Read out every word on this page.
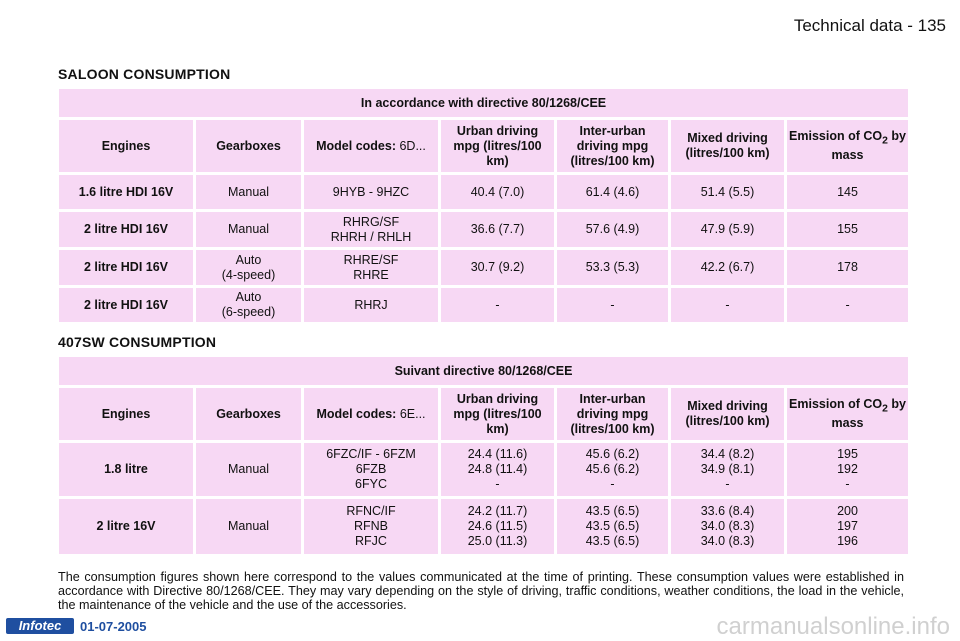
Technical data - 135
SALOON CONSUMPTION
In accordance with directive 80/1268/CEE						
Engines	Gearboxes	Model codes: 6D...	Urban driving mpg (litres/100 km)	Inter-urban driving mpg (litres/100 km)	Mixed driving (litres/100 km)	Emission of $CO_2$ by mass
1.6 litre HDI 16V	Manual	9HYB - 9HZC	40.4 (7.0)	61.4 (4.6)	51.4 (5.5)	145

2 litre HDI 16V	Manual	RHRG/SF
RHRH / RHLH	36.6 (7.7)	57.6 (4.9)	47.9 (5.9)	155

2 litre HDI 16V	Auto
(4-speed)	RHRE/SF
RHRE	30.7 (9.2)	53.3 (5.3)	42.2 (6.7)	178

2 litre HDI 16V	Auto
(6-speed)	RHRJ	-	-	-	-
407SW CONSUMPTION
Suivant directive 80/1268/CEE						
Engines	Gearboxes	Model codes: 6E...	Urban driving mpg (litres/100 km)	Inter-urban driving mpg (litres/100 km)	Mixed driving (litres/100 km)	Emission of $CO_2$ by mass
1.8 litre	Manual	6FZC/IF - 6FZM
6FZB
6FYC	24.4 (11.6)
24.8 (11.4)
-	45.6 (6.2)
45.6 (6.2)
-	34.4 (8.2)
34.9 (8.1)
-	195
192
-

2 litre 16V	Manual	RFNC/IF
RFNB
RFJC	24.2 (11.7)
24.6 (11.5)
25.0 (11.3)	43.5 (6.5)
43.5 (6.5)
43.5 (6.5)	33.6 (8.4)
34.0 (8.3)
34.0 (8.3)	200
197
196
The consumption figures shown here correspond to the values communicated at the time of printing. These consumption values were established in accordance with Directive 80/1268/CEE. They may vary depending on the style of driving, traffic conditions, weather conditions, the load in the vehicle, the maintenance of the vehicle and the use of the accessories.
Infotec	01-07-2005	carmanualsonline.info
